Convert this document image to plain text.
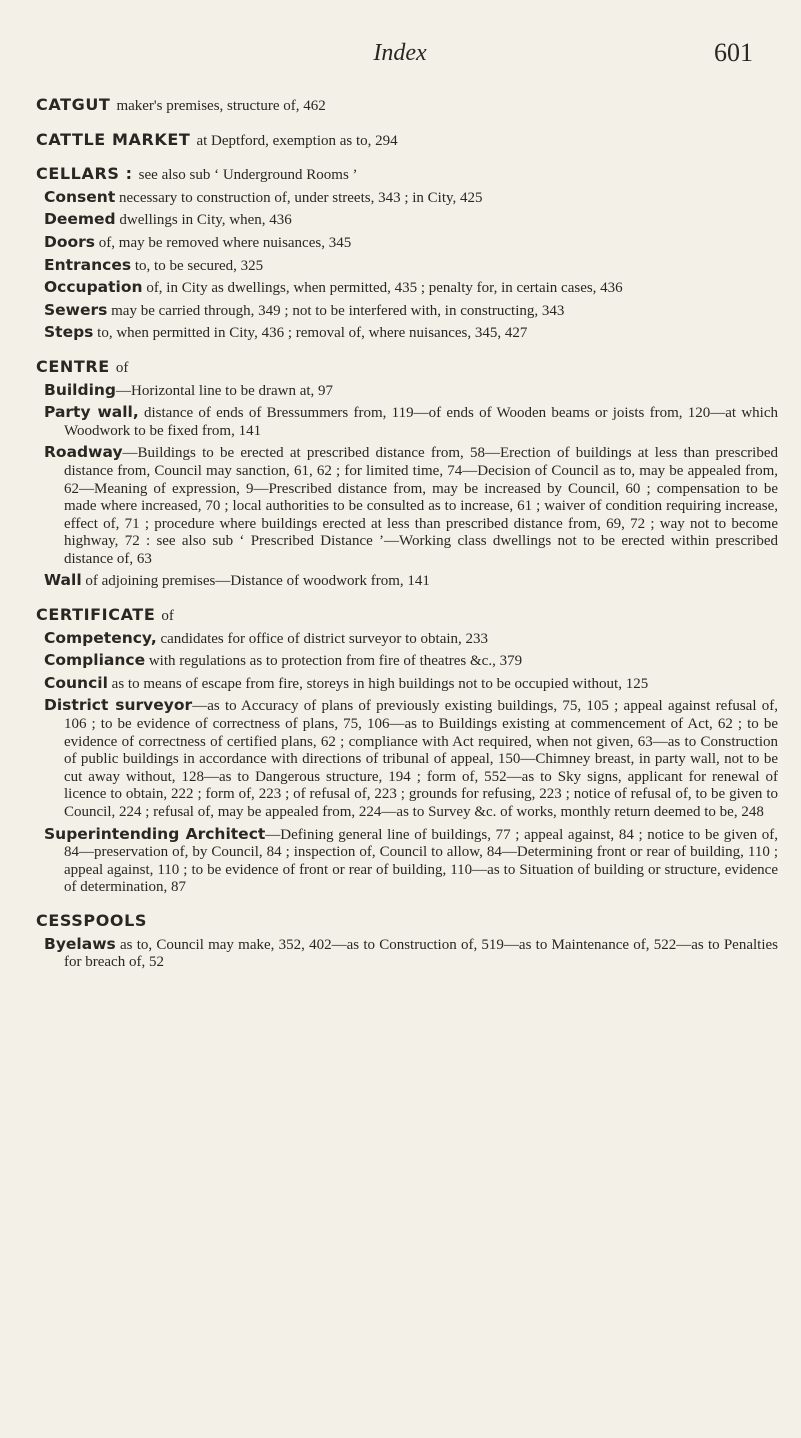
Index	601

CATGUT maker's premises, structure of, 462

CATTLE MARKET at Deptford, exemption as to, 294

CELLARS : see also sub ‘ Underground Rooms ’

Consent necessary to construction of, under streets, 343 ; in City, 425

Deemed dwellings in City, when, 436

Doors of, may be removed where nuisances, 345

Entrances to, to be secured, 325

Occupation of, in City as dwellings, when permitted, 435 ; penalty for, in certain cases, 436

Sewers may be carried through, 349 ; not to be interfered with, in constructing, 343

Steps to, when permitted in City, 436 ; removal of, where nuisances, 345, 427

CENTRE of

Building—Horizontal line to be drawn at, 97

Party wall, distance of ends of Bressummers from, 119—of ends of Wooden beams or joists from, 120—at which Woodwork to be fixed from, 141

Roadway—Buildings to be erected at prescribed distance from, 58—Erection of buildings at less than prescribed distance from, Council may sanction, 61, 62 ; for limited time, 74—Decision of Council as to, may be appealed from, 62—Meaning of expression, 9—Prescribed distance from, may be increased by Council, 60 ; compensation to be made where increased, 70 ; local authorities to be consulted as to increase, 61 ; waiver of condition requiring increase, effect of, 71 ; procedure where buildings erected at less than prescribed distance from, 69, 72 ; way not to become highway, 72 : see also sub ‘ Prescribed Distance ’—Working class dwellings not to be erected within prescribed distance of, 63

Wall of adjoining premises—Distance of woodwork from, 141

CERTIFICATE of

Competency, candidates for office of district surveyor to obtain, 233

Compliance with regulations as to protection from fire of theatres &c., 379

Council as to means of escape from fire, storeys in high buildings not to be occupied without, 125

District surveyor—as to Accuracy of plans of previously existing buildings, 75, 105 ; appeal against refusal of, 106 ; to be evidence of correctness of plans, 75, 106—as to Buildings existing at commencement of Act, 62 ; to be evidence of correctness of certified plans, 62 ; compliance with Act required, when not given, 63—as to Construction of public buildings in accordance with directions of tribunal of appeal, 150—Chimney breast, in party wall, not to be cut away without, 128—as to Dangerous structure, 194 ; form of, 552—as to Sky signs, applicant for renewal of licence to obtain, 222 ; form of, 223 ; of refusal of, 223 ; grounds for refusing, 223 ; notice of refusal of, to be given to Council, 224 ; refusal of, may be appealed from, 224—as to Survey &c. of works, monthly return deemed to be, 248

Superintending Architect—Defining general line of buildings, 77 ; appeal against, 84 ; notice to be given of, 84—preservation of, by Council, 84 ; inspection of, Council to allow, 84—Determining front or rear of building, 110 ; appeal against, 110 ; to be evidence of front or rear of building, 110—as to Situation of building or structure, evidence of determination, 87

CESSPOOLS

Byelaws as to, Council may make, 352, 402—as to Construction of, 519—as to Maintenance of, 522—as to Penalties for breach of, 52
